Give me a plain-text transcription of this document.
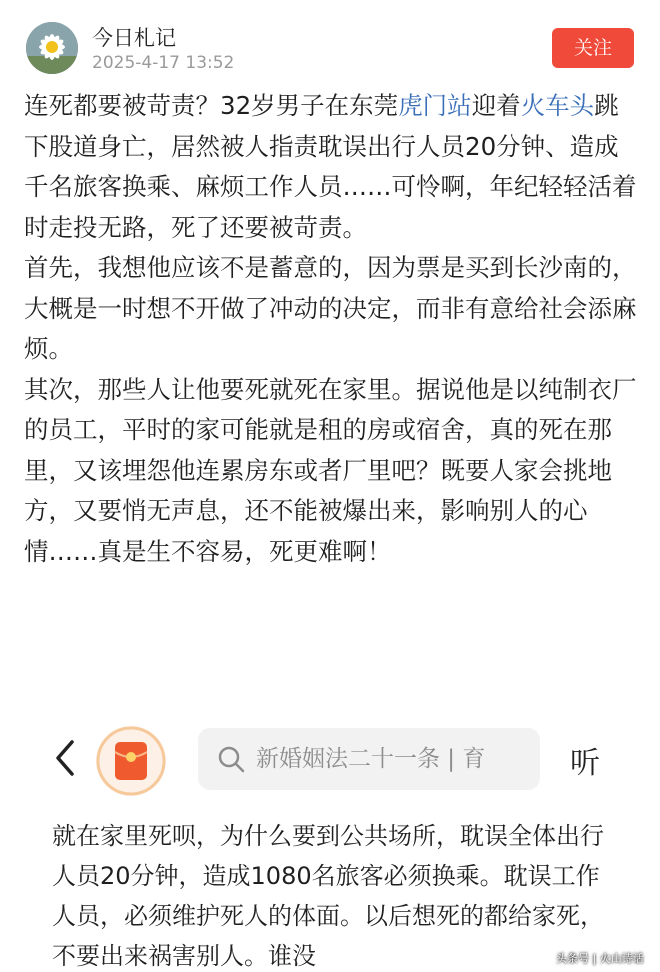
今日札记
2025-4-17 13:52
关注

连死都要被苛责？32岁男子在东莞虎门站迎着火车头跳下股道身亡，居然被人指责耽误出行人员20分钟、造成千名旅客换乘、麻烦工作人员……可怜啊，年纪轻轻活着时走投无路，死了还要被苛责。

首先，我想他应该不是蓄意的，因为票是买到长沙南的，大概是一时想不开做了冲动的决定，而非有意给社会添麻烦。

其次，那些人让他要死就死在家里。据说他是以纯制衣厂的员工，平时的家可能就是租的房或宿舍，真的死在那里，又该埋怨他连累房东或者厂里吧？既要人家会挑地方，又要悄无声息，还不能被爆出来，影响别人的心情……真是生不容易，死更难啊！

新婚姻法二十一条 | 育	听

就在家里死呗，为什么要到公共场所，耽误全体出行人员20分钟，造成1080名旅客必须换乘。耽误工作人员，必须维护死人的体面。以后想死的都给家死，不要出来祸害别人。谁没	头条号 | 火山诗话
